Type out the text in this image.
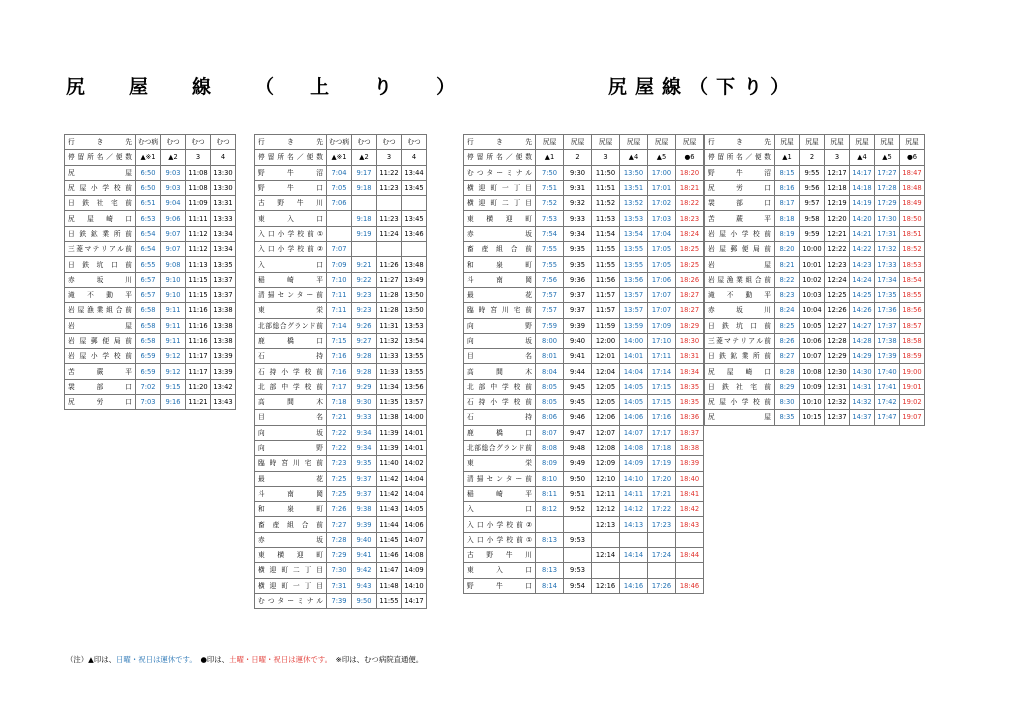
尻 屋 線 （ 上 り ）	尻 屋 線 （ 下 り ）
行　き　先	むつ病	むつ	むつ	むつ
停留所名／便数	▲※1	▲2	3	4
尻屋	6:50	9:03	11:08	13:30
尻屋小学校前	6:50	9:03	11:08	13:30
日鉄社宅前	6:51	9:04	11:09	13:31
尻屋崎口	6:53	9:06	11:11	13:33
日鉄鉱業所前	6:54	9:07	11:12	13:34
三菱マテリアル前	6:54	9:07	11:12	13:34
日鉄坑口前	6:55	9:08	11:13	13:35
赤坂川	6:57	9:10	11:15	13:37
滝不動平	6:57	9:10	11:15	13:37
岩屋漁業組合前	6:58	9:11	11:16	13:38
岩屋	6:58	9:11	11:16	13:38
岩屋郵便局前	6:58	9:11	11:16	13:38
岩屋小学校前	6:59	9:12	11:17	13:39
苦蕨平	6:59	9:12	11:17	13:39
袰部口	7:02	9:15	11:20	13:42
尻労口	7:03	9:16	11:21	13:43
行　き　先	むつ病	むつ	むつ	むつ
停留所名／便数	▲※1	▲2	3	4
野牛沼	7:04	9:17	11:22	13:44
野牛口	7:05	9:18	11:23	13:45
古野牛川	7:06			
東入口		9:18	11:23	13:45
入口小学校前①		9:19	11:24	13:46
入口小学校前②	7:07			
入口	7:09	9:21	11:26	13:48
稲崎平	7:10	9:22	11:27	13:49
清掃センター前	7:11	9:23	11:28	13:50
東栄	7:11	9:23	11:28	13:50
北部総合グランド前	7:14	9:26	11:31	13:53
鹿橋口	7:15	9:27	11:32	13:54
石持	7:16	9:28	11:33	13:55
石持小学校前	7:16	9:28	11:33	13:55
北部中学校前	7:17	9:29	11:34	13:56
高間木	7:18	9:30	11:35	13:57
目名	7:21	9:33	11:38	14:00
向坂	7:22	9:34	11:39	14:01
向野	7:22	9:34	11:39	14:01
臨時宮川宅前	7:23	9:35	11:40	14:02
最花	7:25	9:37	11:42	14:04
斗南岡	7:25	9:37	11:42	14:04
和泉町	7:26	9:38	11:43	14:05
畜産組合前	7:27	9:39	11:44	14:06
赤坂	7:28	9:40	11:45	14:07
東横迎町	7:29	9:41	11:46	14:08
横迎町二丁目	7:30	9:42	11:47	14:09
横迎町一丁目	7:31	9:43	11:48	14:10
むつターミナル	7:39	9:50	11:55	14:17
行　き　先	尻屋	尻屋	尻屋	尻屋	尻屋	尻屋
停留所名／便数	▲1	2	3	▲4	▲5	●6
むつターミナル	7:50	9:30	11:50	13:50	17:00	18:20
横迎町一丁目	7:51	9:31	11:51	13:51	17:01	18:21
横迎町二丁目	7:52	9:32	11:52	13:52	17:02	18:22
東横迎町	7:53	9:33	11:53	13:53	17:03	18:23
赤坂	7:54	9:34	11:54	13:54	17:04	18:24
畜産組合前	7:55	9:35	11:55	13:55	17:05	18:25
和泉町	7:55	9:35	11:55	13:55	17:05	18:25
斗南岡	7:56	9:36	11:56	13:56	17:06	18:26
最花	7:57	9:37	11:57	13:57	17:07	18:27
臨時宮川宅前	7:57	9:37	11:57	13:57	17:07	18:27
向野	7:59	9:39	11:59	13:59	17:09	18:29
向坂	8:00	9:40	12:00	14:00	17:10	18:30
目名	8:01	9:41	12:01	14:01	17:11	18:31
高間木	8:04	9:44	12:04	14:04	17:14	18:34
北部中学校前	8:05	9:45	12:05	14:05	17:15	18:35
石持小学校前	8:05	9:45	12:05	14:05	17:15	18:35
石持	8:06	9:46	12:06	14:06	17:16	18:36
鹿橋口	8:07	9:47	12:07	14:07	17:17	18:37
北部総合グランド前	8:08	9:48	12:08	14:08	17:18	18:38
東栄	8:09	9:49	12:09	14:09	17:19	18:39
清掃センター前	8:10	9:50	12:10	14:10	17:20	18:40
稲崎平	8:11	9:51	12:11	14:11	17:21	18:41
入口	8:12	9:52	12:12	14:12	17:22	18:42
入口小学校前②			12:13	14:13	17:23	18:43
入口小学校前①	8:13	9:53				
古野牛川			12:14	14:14	17:24	18:44
東入口	8:13	9:53				
野牛口	8:14	9:54	12:16	14:16	17:26	18:46
行　き　先	尻屋	尻屋	尻屋	尻屋	尻屋	尻屋
停留所名／便数	▲1	2	3	▲4	▲5	●6
野牛沼	8:15	9:55	12:17	14:17	17:27	18:47
尻労口	8:16	9:56	12:18	14:18	17:28	18:48
袰部口	8:17	9:57	12:19	14:19	17:29	18:49
苦蕨平	8:18	9:58	12:20	14:20	17:30	18:50
岩屋小学校前	8:19	9:59	12:21	14:21	17:31	18:51
岩屋郵便局前	8:20	10:00	12:22	14:22	17:32	18:52
岩屋	8:21	10:01	12:23	14:23	17:33	18:53
岩屋漁業組合前	8:22	10:02	12:24	14:24	17:34	18:54
滝不動平	8:23	10:03	12:25	14:25	17:35	18:55
赤坂川	8:24	10:04	12:26	14:26	17:36	18:56
日鉄坑口前	8:25	10:05	12:27	14:27	17:37	18:57
三菱マテリアル前	8:26	10:06	12:28	14:28	17:38	18:58
日鉄鉱業所前	8:27	10:07	12:29	14:29	17:39	18:59
尻屋崎口	8:28	10:08	12:30	14:30	17:40	19:00
日鉄社宅前	8:29	10:09	12:31	14:31	17:41	19:01
尻屋小学校前	8:30	10:10	12:32	14:32	17:42	19:02
尻屋	8:35	10:15	12:37	14:37	17:47	19:07
（注）▲印は、日曜・祝日は運休です。　 ●印は、土曜・日曜・祝日は運休です。　 ※印は、むつ病院直通便。
